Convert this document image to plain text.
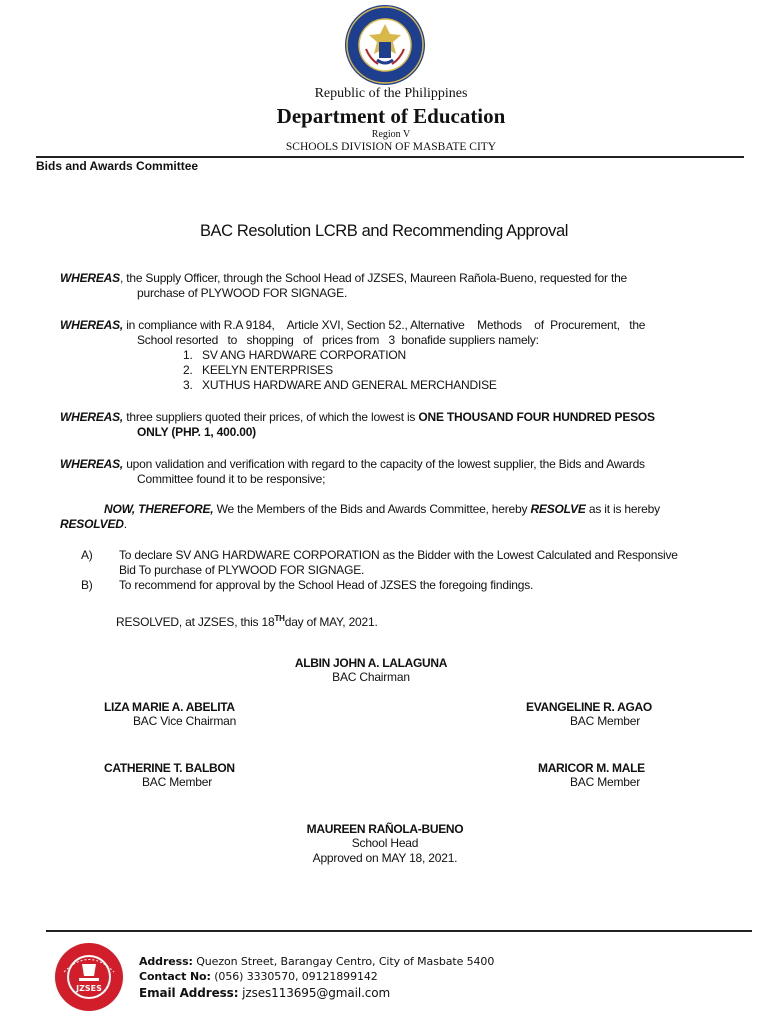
Republic of the Philippines
Department of Education
Region V
SCHOOLS DIVISION OF MASBATE CITY
Bids and Awards Committee
BAC Resolution LCRB and Recommending Approval
WHEREAS, the Supply Officer, through the School Head of JZSES, Maureen Rañola-Bueno, requested for the
purchase of PLYWOOD FOR SIGNAGE.
WHEREAS, in compliance with R.A 9184,    Article XVI, Section 52., Alternative    Methods    of  Procurement,   the
School resorted   to   shopping   of   prices from   3  bonafide suppliers namely:
1. SV ANG HARDWARE CORPORATION
2. KEELYN ENTERPRISES
3. XUTHUS HARDWARE AND GENERAL MERCHANDISE
WHEREAS, three suppliers quoted their prices, of which the lowest is ONE THOUSAND FOUR HUNDRED PESOS
ONLY (PHP. 1, 400.00)
WHEREAS, upon validation and verification with regard to the capacity of the lowest supplier, the Bids and Awards
Committee found it to be responsive;
NOW, THEREFORE, We the Members of the Bids and Awards Committee, hereby RESOLVE as it is hereby
RESOLVED.
A) To declare SV ANG HARDWARE CORPORATION as the Bidder with the Lowest Calculated and Responsive
Bid To purchase of PLYWOOD FOR SIGNAGE.
B) To recommend for approval by the School Head of JZSES the foregoing findings.
RESOLVED, at JZSES, this 18THday of MAY, 2021.
ALBIN JOHN A. LALAGUNA
BAC Chairman
LIZA MARIE A. ABELITA
BAC Vice Chairman
EVANGELINE R. AGAO
BAC Member
CATHERINE T. BALBON
BAC Member
MARICOR M. MALE
BAC Member
MAUREEN RAÑOLA-BUENO
School Head
Approved on MAY 18, 2021.
JZSES
Address: Quezon Street, Barangay Centro, City of Masbate 5400
Contact No: (056) 3330570, 09121899142
Email Address: jzses113695@gmail.com
